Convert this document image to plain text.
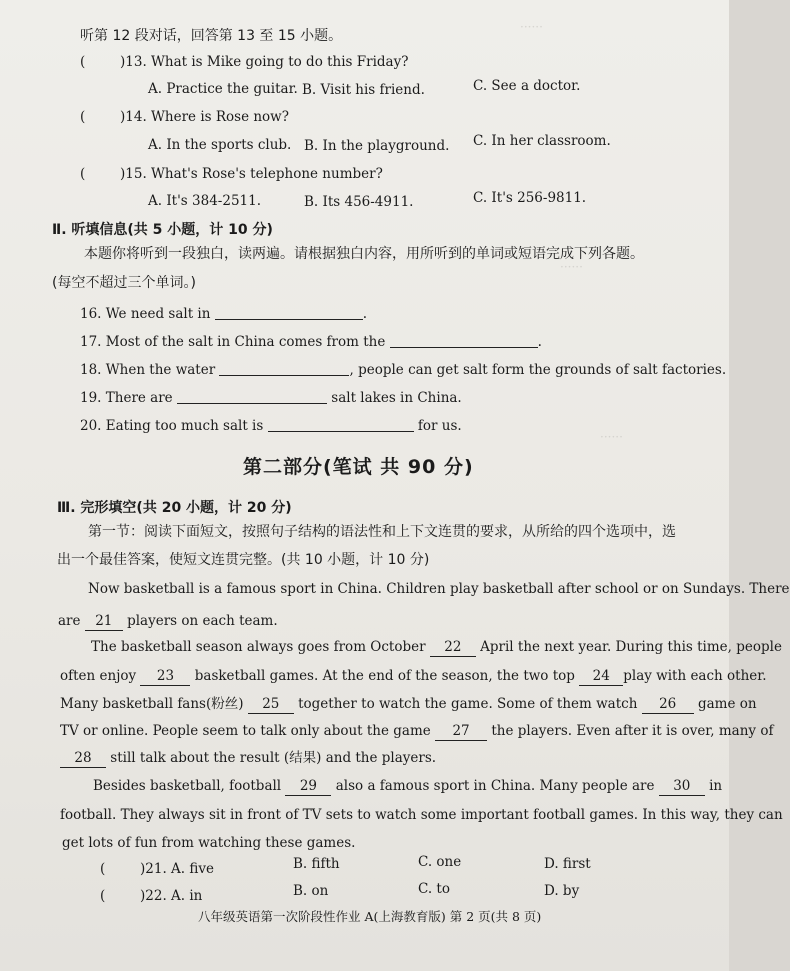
······
······
······
听第 12 段对话，回答第 13 至 15 小题。
(	)13. What is Mike going to do this Friday?
A. Practice the guitar. B. Visit his friend.	C. See a doctor.
(	)14. Where is Rose now?
A. In the sports club. B. In the playground. C. In her classroom.
(	)15. What's Rose's telephone number?
A. It's 384-2511.	B. Its 456-4911.	C. It's 256-9811.
Ⅱ. 听填信息(共 5 小题，计 10 分)
本题你将听到一段独白，读两遍。请根据独白内容，用所听到的单词或短语完成下列各题。
(每空不超过三个单词。)
16. We need salt in	.
17. Most of the salt in China comes from the	.
18. When the water	, people can get salt form the grounds of salt factories.
19. There are	salt lakes in China.
20. Eating too much salt is	for us.
第二部分(笔试 共 90 分)
Ⅲ. 完形填空(共 20 小题，计 20 分)
第一节：阅读下面短文，按照句子结构的语法性和上下文连贯的要求，从所给的四个选项中，选
出一个最佳答案，使短文连贯完整。(共 10 小题，计 10 分)
Now basketball is a famous sport in China. Children play basketball after school or on Sundays. There
are 21 players on each team.
The basketball season always goes from October 22 April the next year. During this time, people
often enjoy 23 basketball games. At the end of the season, the two top 24 play with each other.
Many basketball fans(粉丝) 25 together to watch the game. Some of them watch 26 game on
TV or online. People seem to talk only about the game 27 the players. Even after it is over, many of
28 still talk about the result (结果) and the players.
Besides basketball, football 29 also a famous sport in China. Many people are 30 in
football. They always sit in front of TV sets to watch some important football games. In this way, they can
get lots of fun from watching these games.
(	)21. A. five	B. fifth	C. one	D. first
(	)22. A. in	B. on	C. to	D. by
八年级英语第一次阶段性作业 A(上海教育版) 第 2 页(共 8 页)
